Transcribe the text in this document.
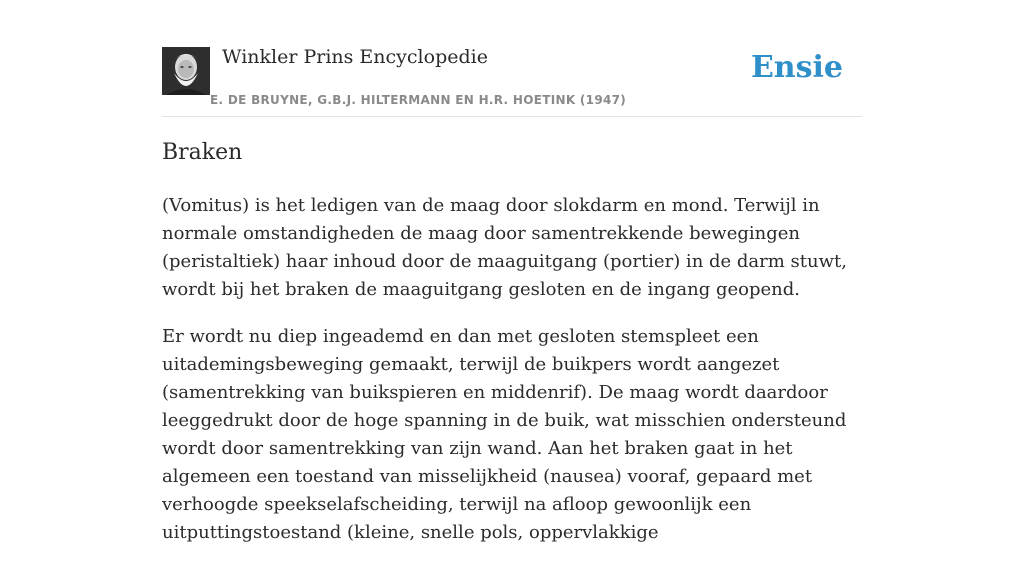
Winkler Prins Encyclopedie
E. DE BRUYNE, G.B.J. HILTERMANN EN H.R. HOETINK (1947)
Ensie
Braken

(Vomitus) is het ledigen van de maag door slokdarm en mond. Terwijl in normale omstandigheden de maag door samentrekkende bewegingen (peristaltiek) haar inhoud door de maaguitgang (portier) in de darm stuwt, wordt bij het braken de maaguitgang gesloten en de ingang geopend.

Er wordt nu diep ingeademd en dan met gesloten stemspleet een uitademingsbeweging gemaakt, terwijl de buikpers wordt aangezet (samentrekking van buikspieren en middenrif). De maag wordt daardoor leeggedrukt door de hoge spanning in de buik, wat misschien ondersteund wordt door samentrekking van zijn wand. Aan het braken gaat in het algemeen een toestand van misselijkheid (nausea) vooraf, gepaard met verhoogde speekselafscheiding, terwijl na afloop gewoonlijk een uitputtingstoestand (kleine, snelle pols, oppervlakkige
